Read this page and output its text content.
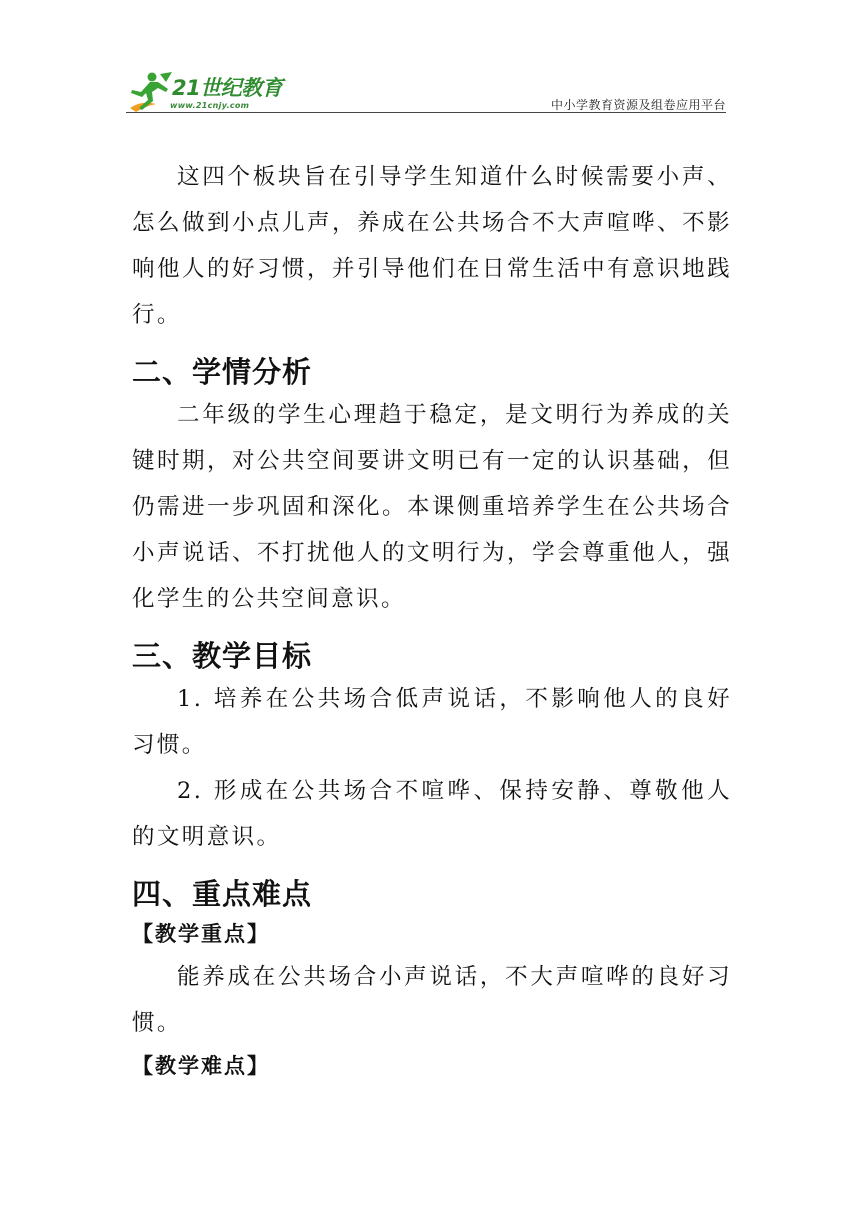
21世纪教育
www.21cnjy.com	中小学教育资源及组卷应用平台

这四个板块旨在引导学生知道什么时候需要小声、怎么做到小点儿声，养成在公共场合不大声喧哗、不影响他人的好习惯，并引导他们在日常生活中有意识地践行。

二、学情分析

二年级的学生心理趋于稳定，是文明行为养成的关键时期，对公共空间要讲文明已有一定的认识基础，但仍需进一步巩固和深化。本课侧重培养学生在公共场合小声说话、不打扰他人的文明行为，学会尊重他人，强化学生的公共空间意识。

三、教学目标

1. 培养在公共场合低声说话，不影响他人的良好习惯。

2. 形成在公共场合不喧哗、保持安静、尊敬他人的文明意识。

四、重点难点
【教学重点】

能养成在公共场合小声说话，不大声喧哗的良好习惯。

【教学难点】
